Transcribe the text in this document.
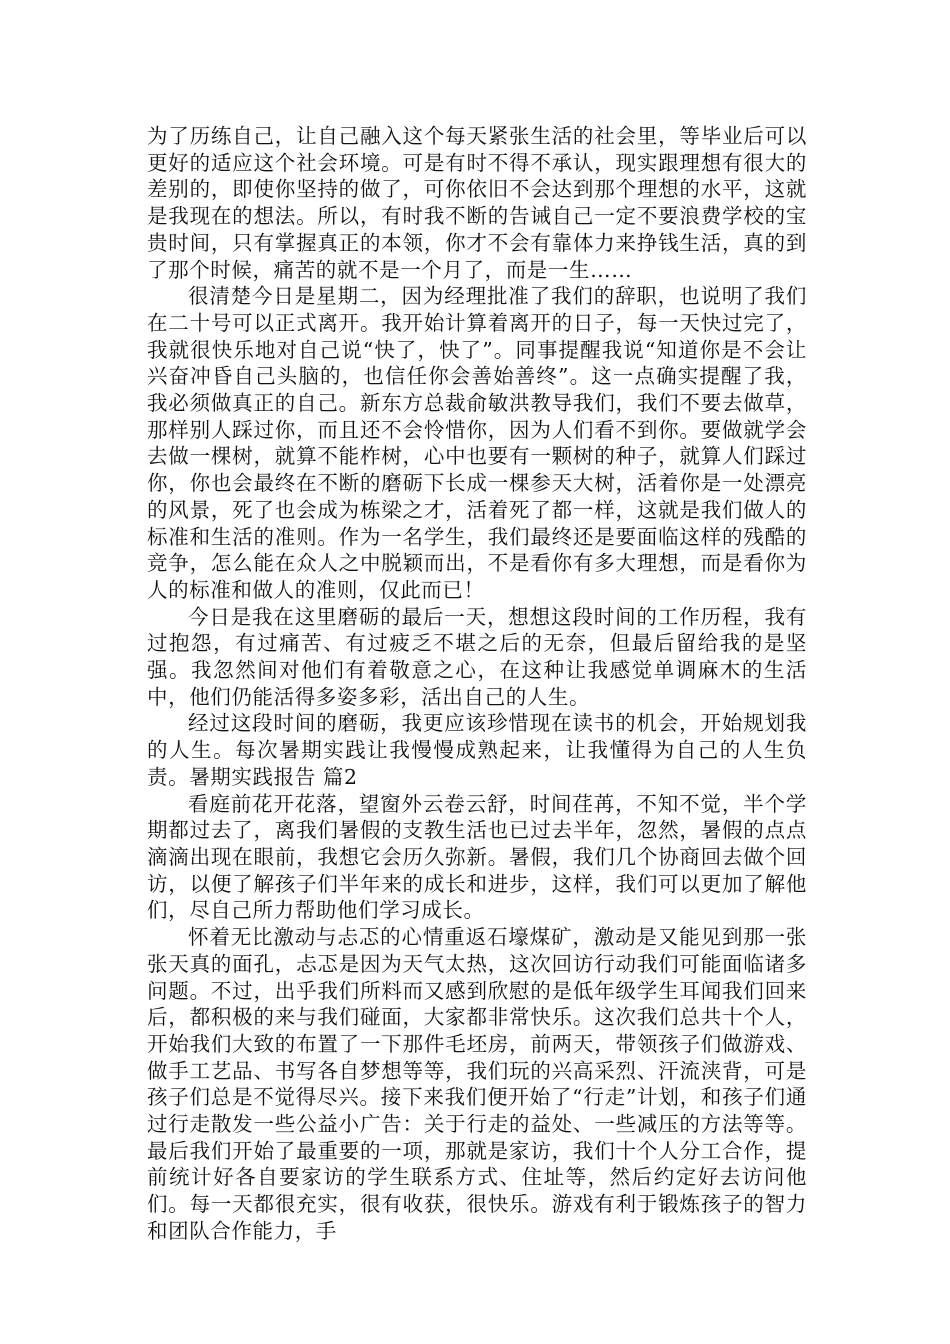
为了历练自己，让自己融入这个每天紧张生活的社会里，等毕业后可以更好的适应这个社会环境。可是有时不得不承认，现实跟理想有很大的差别的，即使你坚持的做了，可你依旧不会达到那个理想的水平，这就是我现在的想法。所以，有时我不断的告诫自己一定不要浪费学校的宝贵时间，只有掌握真正的本领，你才不会有靠体力来挣钱生活，真的到了那个时候，痛苦的就不是一个月了，而是一生……

很清楚今日是星期二，因为经理批准了我们的辞职，也说明了我们在二十号可以正式离开。我开始计算着离开的日子，每一天快过完了，我就很快乐地对自己说“快了，快了”。同事提醒我说“知道你是不会让兴奋冲昏自己头脑的，也信任你会善始善终”。这一点确实提醒了我，我必须做真正的自己。新东方总裁俞敏洪教导我们，我们不要去做草，那样别人踩过你，而且还不会怜惜你，因为人们看不到你。要做就学会去做一棵树，就算不能柞树，心中也要有一颗树的种子，就算人们踩过你，你也会最终在不断的磨砺下长成一棵参天大树，活着你是一处漂亮的风景，死了也会成为栋梁之才，活着死了都一样，这就是我们做人的标准和生活的准则。作为一名学生，我们最终还是要面临这样的残酷的竞争，怎么能在众人之中脱颖而出，不是看你有多大理想，而是看你为人的标准和做人的准则，仅此而已！

今日是我在这里磨砺的最后一天，想想这段时间的工作历程，我有过抱怨，有过痛苦、有过疲乏不堪之后的无奈，但最后留给我的是坚强。我忽然间对他们有着敬意之心，在这种让我感觉单调麻木的生活中，他们仍能活得多姿多彩，活出自己的人生。

经过这段时间的磨砺，我更应该珍惜现在读书的机会，开始规划我的人生。每次暑期实践让我慢慢成熟起来，让我懂得为自己的人生负责。暑期实践报告 篇2

看庭前花开花落，望窗外云卷云舒，时间荏苒，不知不觉，半个学期都过去了，离我们暑假的支教生活也已过去半年，忽然，暑假的点点滴滴出现在眼前，我想它会历久弥新。暑假，我们几个协商回去做个回访，以便了解孩子们半年来的成长和进步，这样，我们可以更加了解他们，尽自己所力帮助他们学习成长。

怀着无比激动与忐忑的心情重返石壕煤矿，激动是又能见到那一张张天真的面孔，忐忑是因为天气太热，这次回访行动我们可能面临诸多问题。不过，出乎我们所料而又感到欣慰的是低年级学生耳闻我们回来后，都积极的来与我们碰面，大家都非常快乐。这次我们总共十个人，开始我们大致的布置了一下那件毛坯房，前两天，带领孩子们做游戏、做手工艺品、书写各自梦想等等，我们玩的兴高采烈、汗流浃背，可是孩子们总是不觉得尽兴。接下来我们便开始了“行走”计划，和孩子们通过行走散发一些公益小广告：关于行走的益处、一些减压的方法等等。最后我们开始了最重要的一项，那就是家访，我们十个人分工合作，提前统计好各自要家访的学生联系方式、住址等，然后约定好去访问他们。每一天都很充实，很有收获，很快乐。游戏有利于锻炼孩子的智力和团队合作能力，手
